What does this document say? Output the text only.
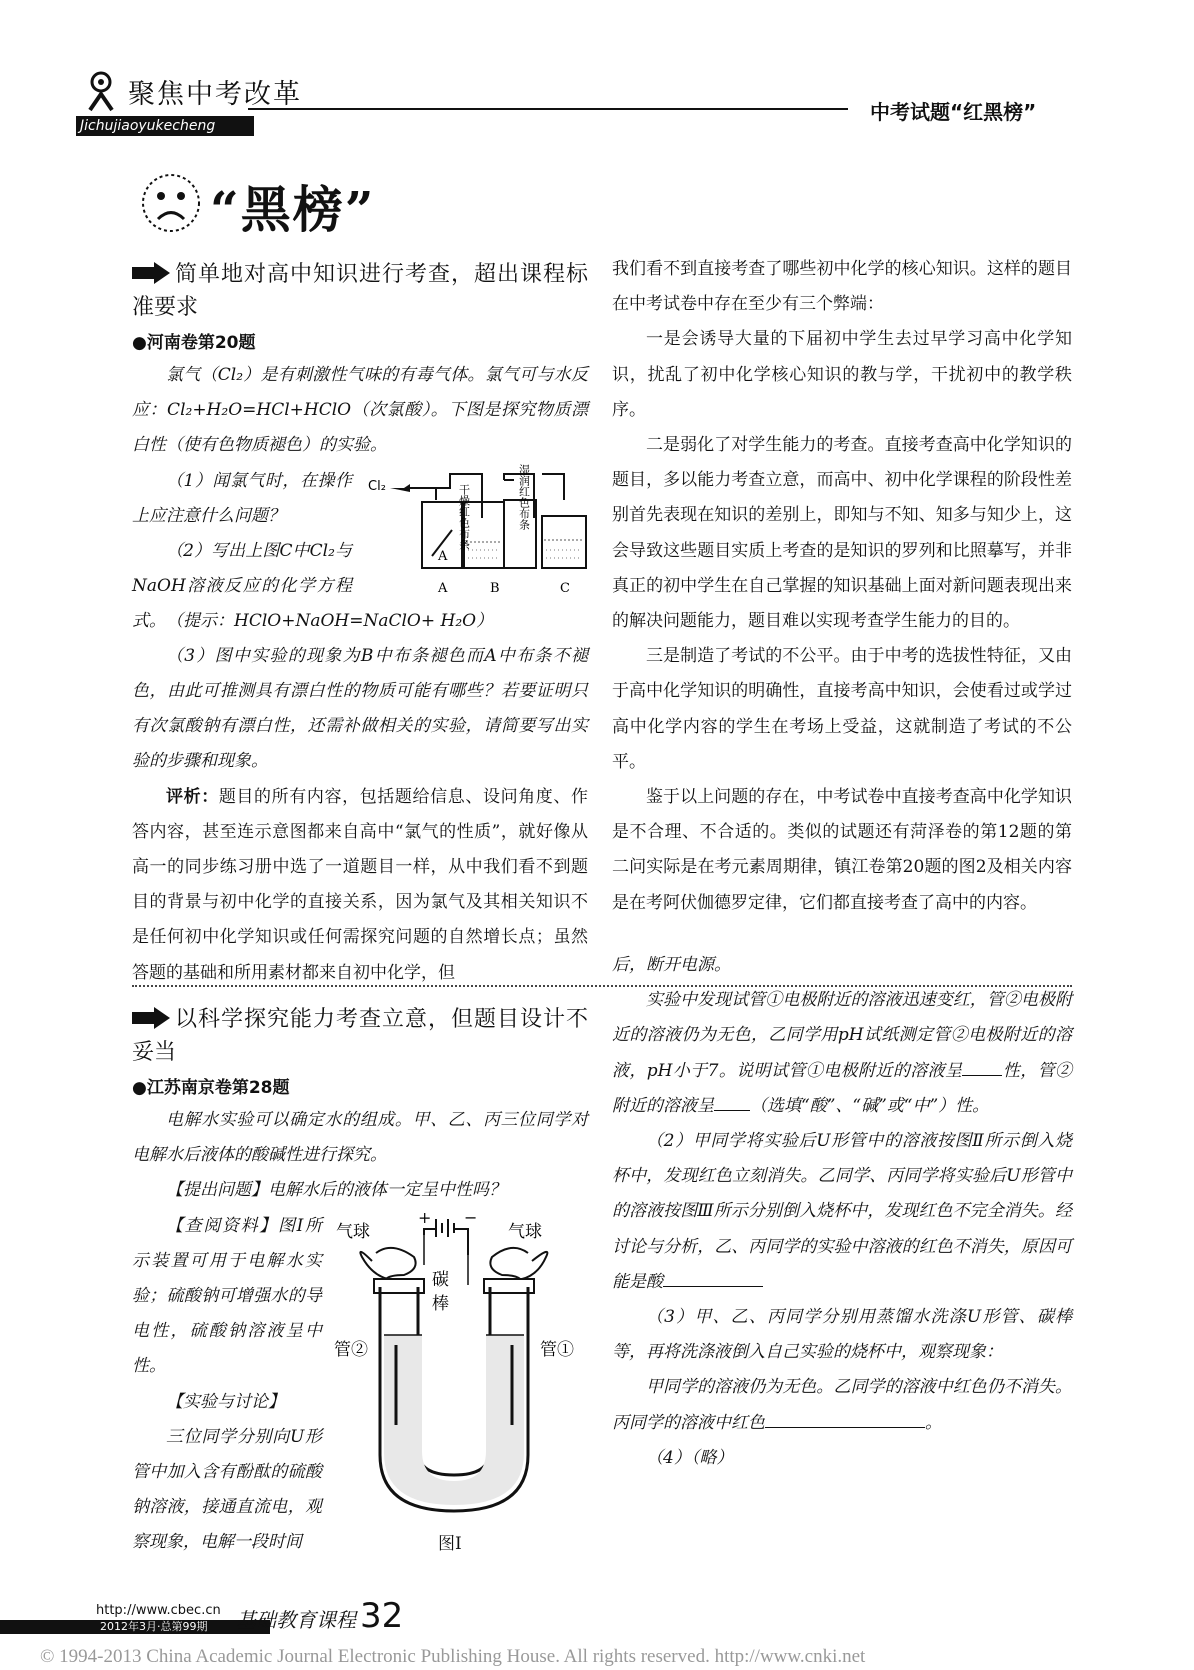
聚焦中考改革
中考试题“红黑榜”
Jichujiaoyukecheng
“黑榜”
简单地对高中知识进行考查，超出课程标准要求
●河南卷第20题

氯气（Cl₂）是有刺激性气味的有毒气体。氯气可与水反应：Cl₂+H₂O=HCl+HClO（次氯酸）。下图是探究物质漂白性（使有色物质褪色）的实验。

（1）闻氯气时，在操作上应注意什么问题？

（2）写出上图C中Cl₂与NaOH溶液反应的化学方程式。

Cl₂
A
B	C
A
干燥红色布条	湿润红色布条

（提示：HClO+NaOH=NaClO+ H₂O）

（3）图中实验的现象为B中布条褪色而A中布条不褪色，由此可推测具有漂白性的物质可能有哪些？若要证明只有次氯酸钠有漂白性，还需补做相关的实验，请简要写出实验的步骤和现象。

评析：题目的所有内容，包括题给信息、设问角度、作答内容，甚至连示意图都来自高中“氯气的性质”，就好像从高一的同步练习册中选了一道题目一样，从中我们看不到题目的背景与初中化学的直接关系，因为氯气及其相关知识不是任何初中化学知识或任何需探究问题的自然增长点；虽然答题的基础和所用素材都来自初中化学，但

我们看不到直接考查了哪些初中化学的核心知识。这样的题目在中考试卷中存在至少有三个弊端：

一是会诱导大量的下届初中学生去过早学习高中化学知识，扰乱了初中化学核心知识的教与学，干扰初中的教学秩序。

二是弱化了对学生能力的考查。直接考查高中化学知识的题目，多以能力考查立意，而高中、初中化学课程的阶段性差别首先表现在知识的差别上，即知与不知、知多与知少上，这会导致这些题目实质上考查的是知识的罗列和比照摹写，并非真正的初中学生在自己掌握的知识基础上面对新问题表现出来的解决问题能力，题目难以实现考查学生能力的目的。

三是制造了考试的不公平。由于中考的选拔性特征，又由于高中化学知识的明确性，直接考高中知识，会使看过或学过高中化学内容的学生在考场上受益，这就制造了考试的不公平。

鉴于以上问题的存在，中考试卷中直接考查高中化学知识是不合理、不合适的。类似的试题还有菏泽卷的第12题的第二问实际是在考元素周期律，镇江卷第20题的图2及相关内容是在考阿伏伽德罗定律，它们都直接考查了高中的内容。

以科学探究能力考查立意，但题目设计不妥当
●江苏南京卷第28题

电解水实验可以确定水的组成。甲、乙、丙三位同学对电解水后液体的酸碱性进行探究。

【提出问题】电解水后的液体一定呈中性吗？

【查阅资料】图Ⅰ所示装置可用于电解水实验；硫酸钠可增强水的导电性，硫酸钠溶液呈中性。

【实验与讨论】

三位同学分别向U形管中加入含有酚酞的硫酸钠溶液，接通直流电，观察现象，电解一段时间

气球	气球
+ −
碳
棒
管②	管①
图Ⅰ

后，断开电源。

实验中发现试管①电极附近的溶液迅速变红，管②电极附近的溶液仍为无色，乙同学用pH试纸测定管②电极附近的溶液，pH小于7。说明试管①电极附近的溶液呈 性，管②附近的溶液呈 （选填“酸”、“碱”或“中”）性。

（2）甲同学将实验后U形管中的溶液按图Ⅱ所示倒入烧杯中，发现红色立刻消失。乙同学、丙同学将实验后U形管中的溶液按图Ⅲ所示分别倒入烧杯中，发现红色不完全消失。经讨论与分析，乙、丙同学的实验中溶液的红色不消失，原因可能是酸

（3）甲、乙、丙同学分别用蒸馏水洗涤U形管、碳棒等，再将洗涤液倒入自己实验的烧杯中，观察现象：

甲同学的溶液仍为无色。乙同学的溶液中红色仍不消失。丙同学的溶液中红色	。

（4）（略）

http://www.cbec.cn
2012年3月·总第99期 基础教育课程 32
© 1994-2013 China Academic Journal Electronic Publishing House. All rights reserved. http://www.cnki.net
